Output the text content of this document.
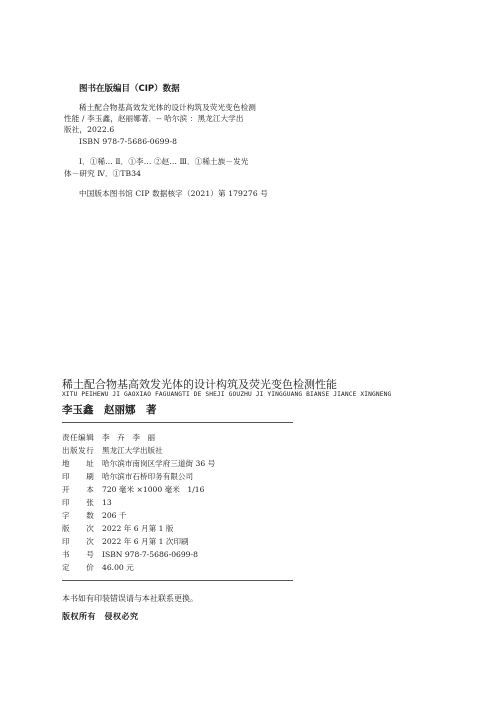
图书在版编目（CIP）数据
稀土配合物基高效发光体的设计构筑及荧光变色检测
性能 / 李玉鑫，赵丽娜著．-- 哈尔滨 ：黑龙江大学出
版社，2022.6
ISBN 978-7-5686-0699-8
Ⅰ．①稀… Ⅱ．①李… ②赵… Ⅲ．①稀土族－发光
体－研究 Ⅳ．①TB34
中国版本图书馆 CIP 数据核字（2021）第 179276 号
稀土配合物基高效发光体的设计构筑及荧光变色检测性能
XITU PEIHEWU JI GAOXIAO FAGUANGTI DE SHEJI GOUZHU JI YINGGUANG BIANSE JIANCE XINGNENG
李玉鑫　赵丽娜　著
责任编辑 李　卉　李　丽
出版发行 黑龙江大学出版社
地　　址 哈尔滨市南岗区学府三道街 36 号
印　　刷 哈尔滨市石桥印务有限公司
开　　本 720 毫米 ×1000 毫米　1/16
印　　张 13
字　　数 206 千
版　　次 2022 年 6 月第 1 版
印　　次 2022 年 6 月第 1 次印刷
书　　号 ISBN 978-7-5686-0699-8
定　　价 46.00 元
本书如有印装错误请与本社联系更换。
版权所有　侵权必究
